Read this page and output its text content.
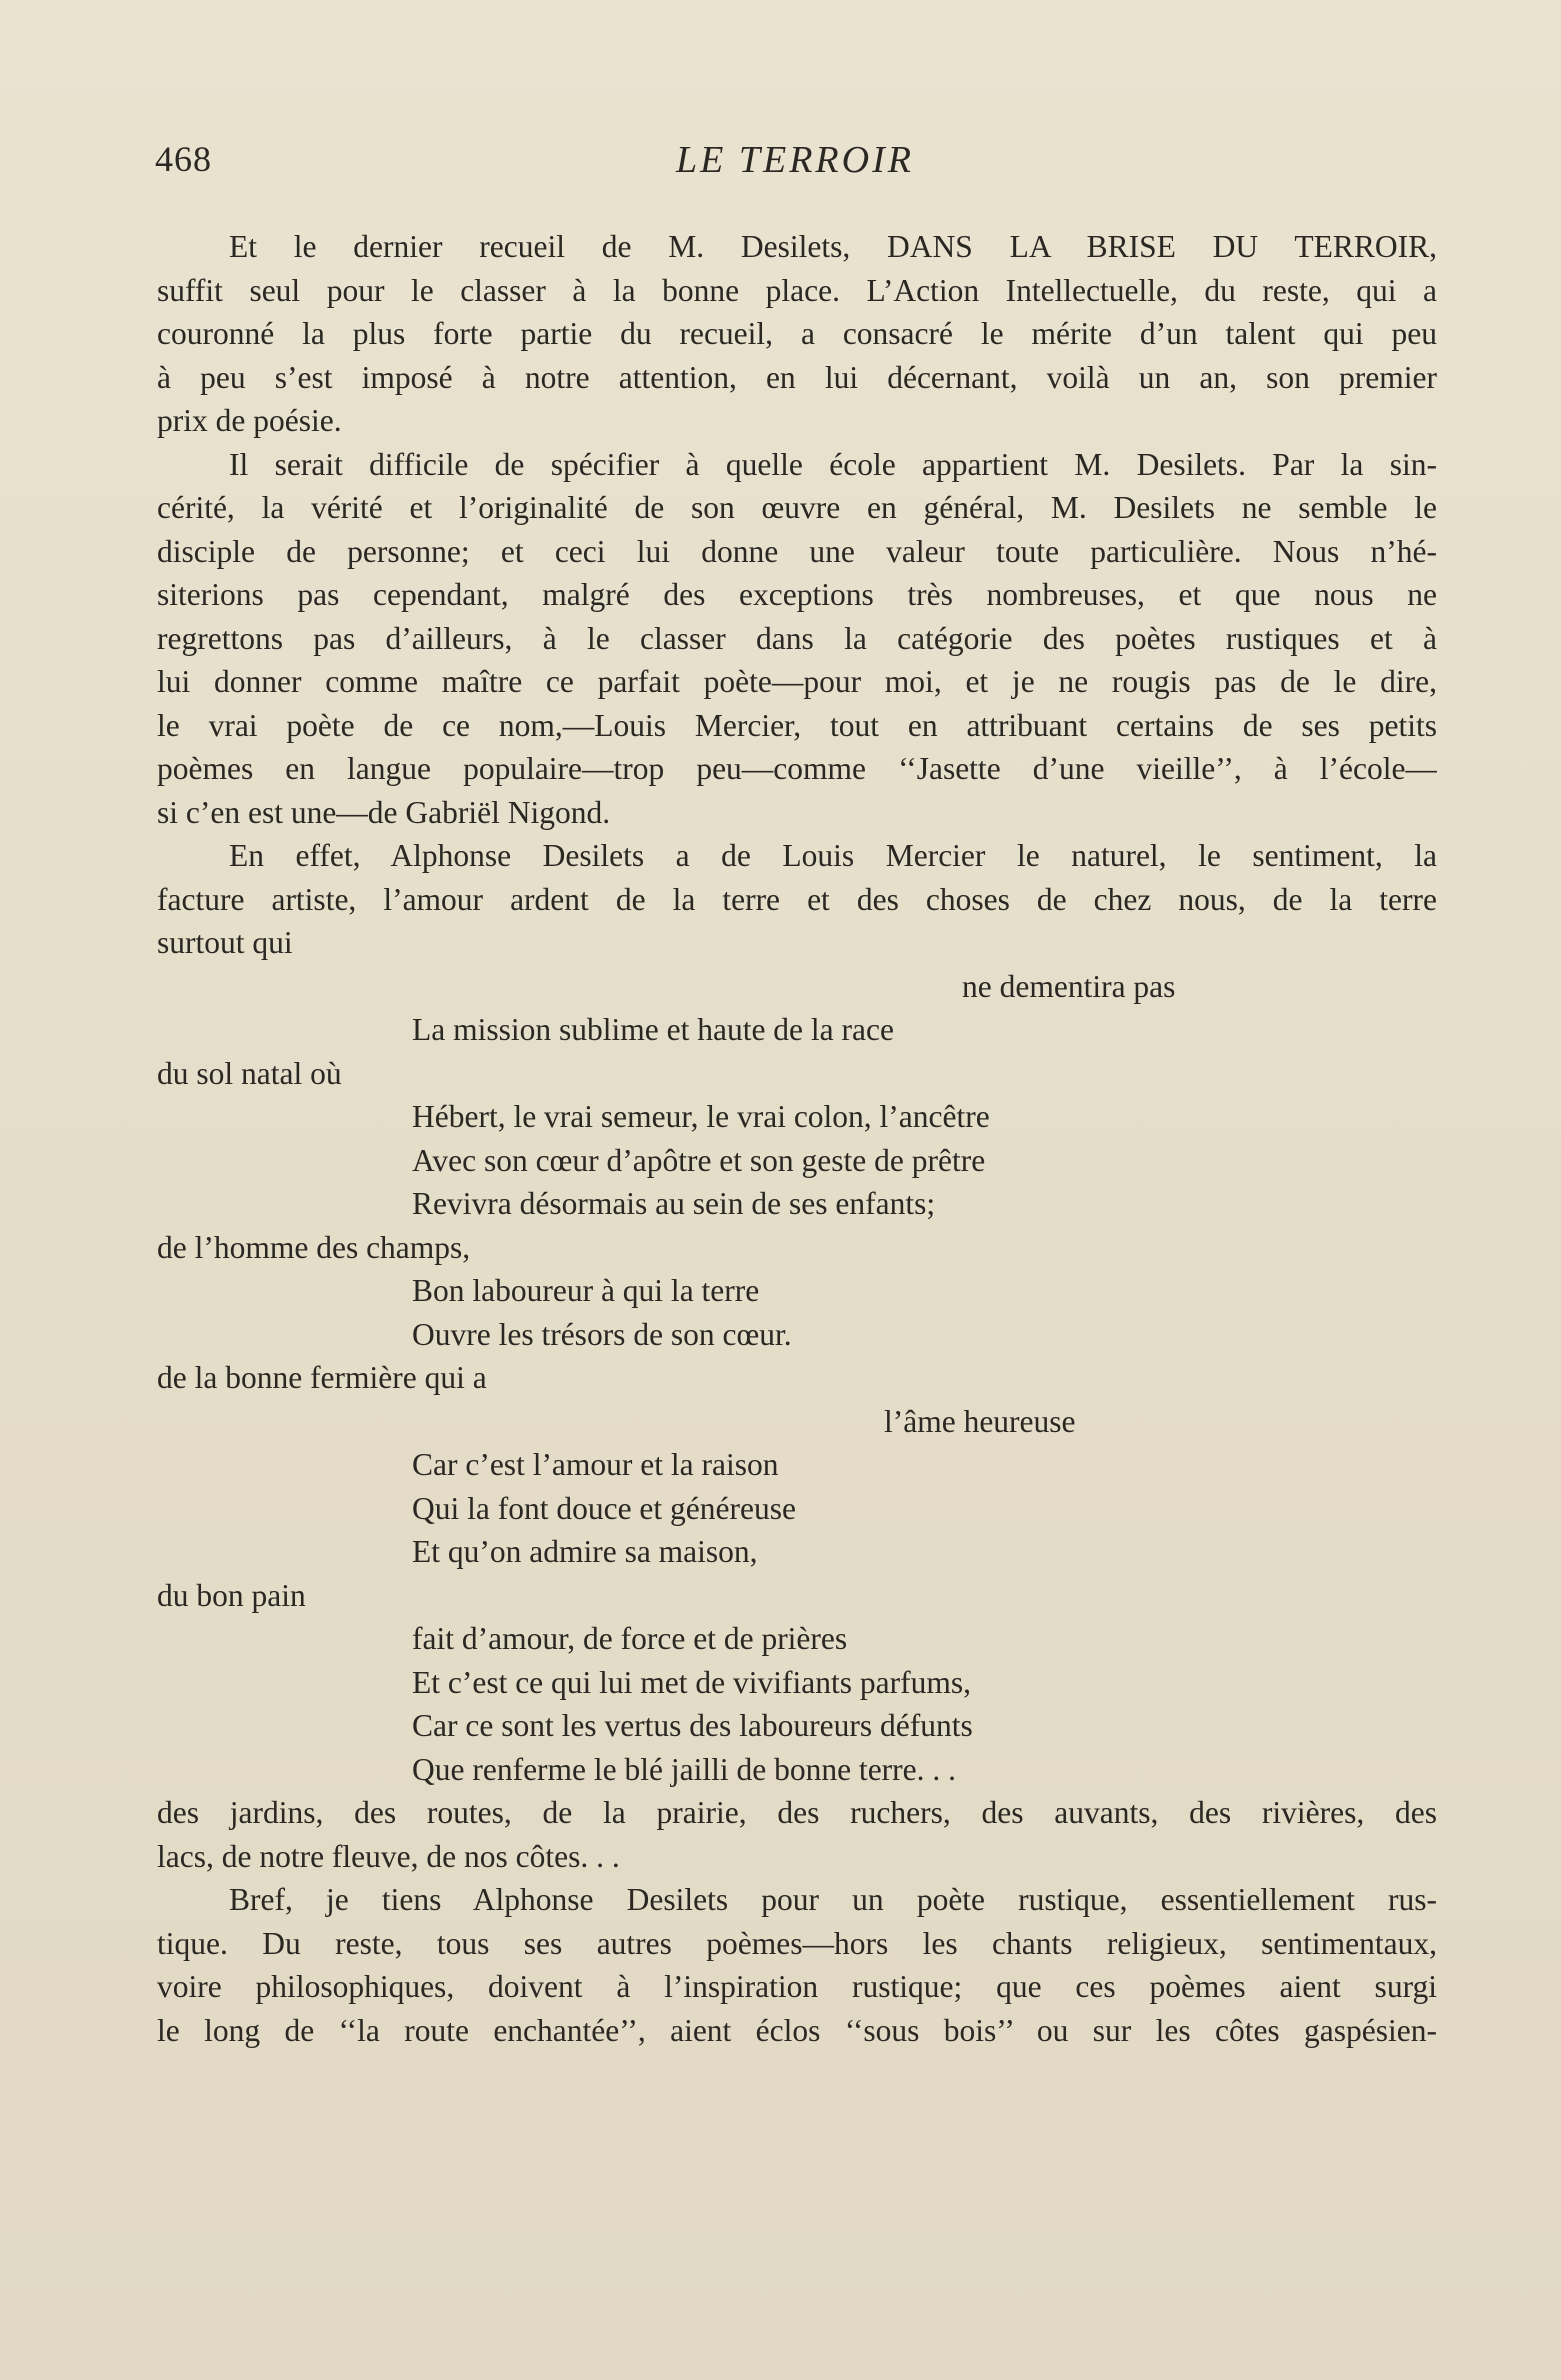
468	LE TERROIR
Et le dernier recueil de M. Desilets, DANS LA BRISE DU TERROIR,
suffit seul pour le classer à la bonne place. L’Action Intellectuelle, du reste, qui a
couronné la plus forte partie du recueil, a consacré le mérite d’un talent qui peu
à peu s’est imposé à notre attention, en lui décernant, voilà un an, son premier
prix de poésie.
Il serait difficile de spécifier à quelle école appartient M. Desilets. Par la sin-
cérité, la vérité et l’originalité de son œuvre en général, M. Desilets ne semble le
disciple de personne; et ceci lui donne une valeur toute particulière. Nous n’hé-
siterions pas cependant, malgré des exceptions très nombreuses, et que nous ne
regrettons pas d’ailleurs, à le classer dans la catégorie des poètes rustiques et à
lui donner comme maître ce parfait poète—pour moi, et je ne rougis pas de le dire,
le vrai poète de ce nom,—Louis Mercier, tout en attribuant certains de ses petits
poèmes en langue populaire—trop peu—comme ‘‘Jasette d’une vieille’’, à l’école—
si c’en est une—de Gabriël Nigond.
En effet, Alphonse Desilets a de Louis Mercier le naturel, le sentiment, la
facture artiste, l’amour ardent de la terre et des choses de chez nous, de la terre
surtout qui
ne dementira pas
La mission sublime et haute de la race
du sol natal où
Hébert, le vrai semeur, le vrai colon, l’ancêtre
Avec son cœur d’apôtre et son geste de prêtre
Revivra désormais au sein de ses enfants;
de l’homme des champs,
Bon laboureur à qui la terre
Ouvre les trésors de son cœur.
de la bonne fermière qui a
l’âme heureuse
Car c’est l’amour et la raison
Qui la font douce et généreuse
Et qu’on admire sa maison,
du bon pain
fait d’amour, de force et de prières
Et c’est ce qui lui met de vivifiants parfums,
Car ce sont les vertus des laboureurs défunts
Que renferme le blé jailli de bonne terre. . .
des jardins, des routes, de la prairie, des ruchers, des auvants, des rivières, des
lacs, de notre fleuve, de nos côtes. . .
Bref, je tiens Alphonse Desilets pour un poète rustique, essentiellement rus-
tique. Du reste, tous ses autres poèmes—hors les chants religieux, sentimentaux,
voire philosophiques, doivent à l’inspiration rustique; que ces poèmes aient surgi
le long de ‘‘la route enchantée’’, aient éclos ‘‘sous bois’’ ou sur les côtes gaspésien-
